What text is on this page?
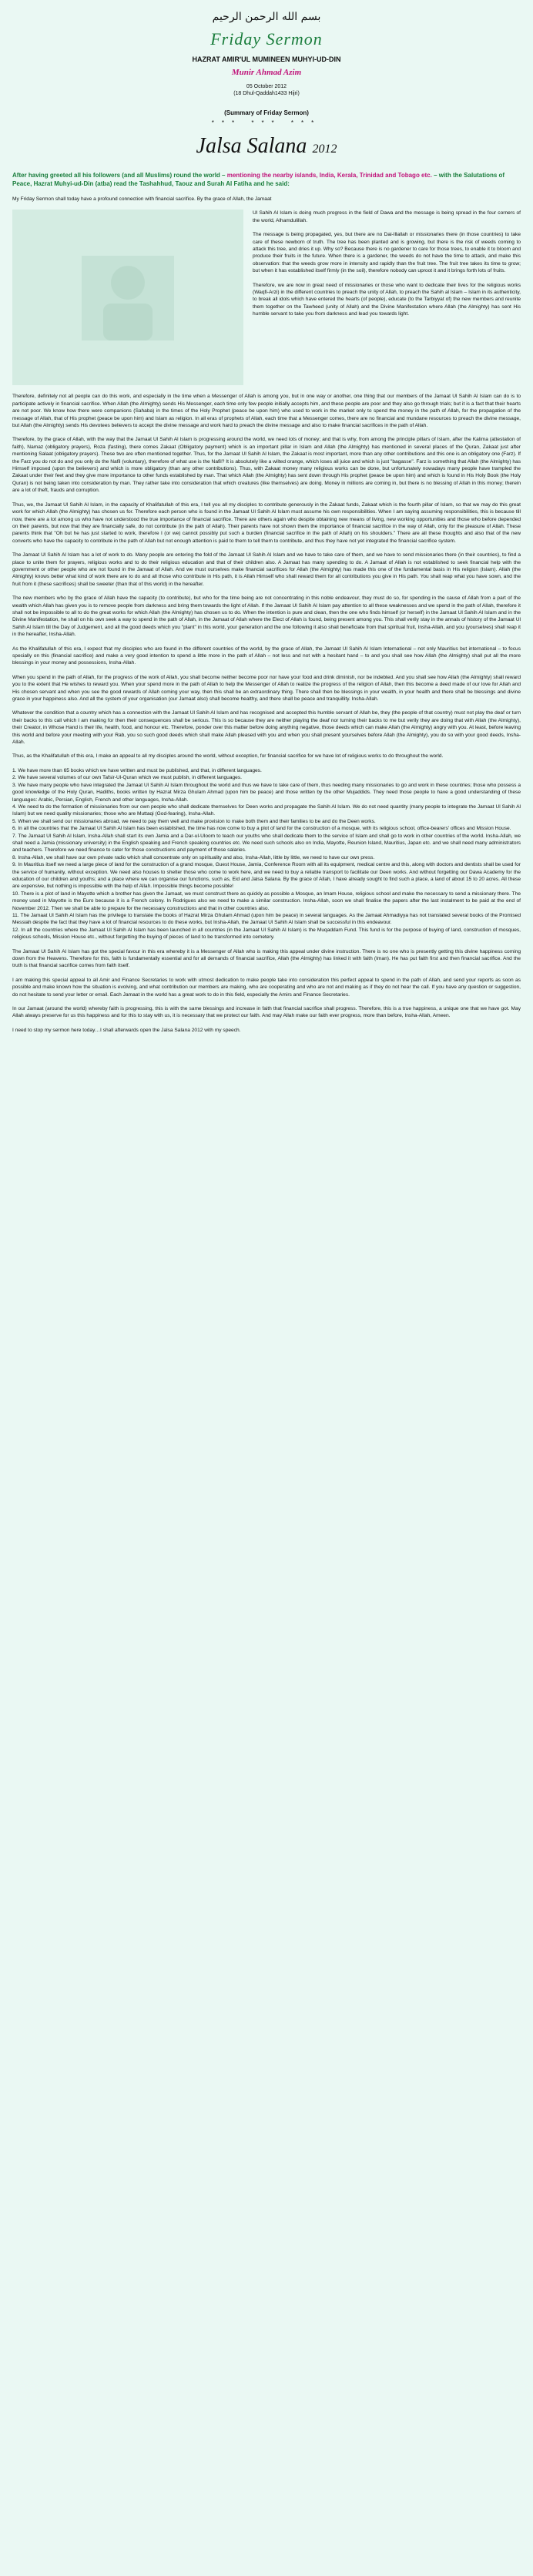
بسم الله الرحمن الرحيم
Friday Sermon
HAZRAT AMIR'UL MUMINEEN MUHYI-UD-DIN
Munir Ahmad Azim
05 October 2012
(18 Dhul-Qaddah1433 Hijri)
(Summary of Friday Sermon)
*** *** ***
Jalsa Salana 2012
After having greeted all his followers (and all Muslims) round the world – mentioning the nearby islands, India, Kerala, Trinidad and Tobago etc. – with the Salutations of Peace, Hazrat Muhyi-ud-Din (atba) read the Tashahhud, Taouz and Surah Al Fatiha and he said:

My Friday Sermon shall today have a profound connection with financial sacrifice. By the grace of Allah, the Jamaat

Ul Sahih Al Islam is doing much progress in the field of Dawa and the message is being spread in the four corners of the world, Alhamdulillah.

The message is being propagated, yes, but there are no Dai-Illallah or missionaries there (in those countries) to take care of these newborn of truth. The tree has been planted and is growing, but there is the risk of weeds coming to attack this tree, and dries it up. Why so? Because there is no gardener to care for those trees, to enable it to bloom and produce their fruits in the future. When there is a gardener, the weeds do not have the time to attack, and make this observation: that the weeds grow more in intensity and rapidly than the fruit tree. The fruit tree takes its time to grow; but when it has established itself firmly (in the soil), therefore nobody can uproot it and it brings forth lots of fruits.

Therefore, we are now in great need of missionaries or those who want to dedicate their lives for the religious works (Waqfi-Arzi) in the different countries to preach the unity of Allah, to preach the Sahih al Islam – Islam in its authenticity, to break all idols which have entered the hearts (of people), educate (to the Tarbiyyat of) the new members and reunite them together on the Tawheed (unity of Allah) and the Divine Manifestation where Allah (the Almighty) has sent His humble servant to take you from darkness and lead you towards light.

Therefore, definitely not all people can do this work, and especially in the time when a Messenger of Allah is among you, but in one way or another, one thing that our members of the Jamaat Ul Sahih Al Islam can do is to participate actively in financial sacrifice. When Allah (the Almighty) sends His Messenger, each time only few people initially accepts him, and these people are poor and they also go through trials; but it is a fact that their hearts are not poor. We know how there were companions (Sahaba) in the times of the Holy Prophet (peace be upon him) who used to work in the market only to spend the money in the path of Allah, for the propagation of the message of Allah, that of His prophet (peace be upon him) and Islam as religion. In all eras of prophets of Allah, each time that a Messenger comes, there are no financial and mundane resources to preach the divine message, but Allah (the Almighty) sends His devotees believers to accept the divine message and work hard to preach the divine message and also to make financial sacrifices in the path of Allah.

Therefore, by the grace of Allah, with the way that the Jamaat Ul Sahih Al Islam is progressing around the world, we need lots of money; and that is why, from among the principle pillars of Islam, after the Kalima (attestation of faith), Namaz (obligatory prayers), Roza (fasting), there comes Zakaat (Obligatory payment) which is an important pillar in Islam and Allah (the Almighty) has mentioned in several places of the Quran, Zakaat just after mentioning Salaat (obligatory prayers). These two are often mentioned together. Thus, for the Jamaat Ul Sahih Al Islam, the Zakaat is most important, more than any other contributions and this one is an obligatory one (Farz). If the Farz you do not do and you only do the Nafil (voluntary), therefore of what use is the Nafil? It is absolutely like a wilted orange, which loses all juice and which is just "bagasse". Farz is something that Allah (the Almighty) has Himself imposed (upon the believers) and which is more obligatory (than any other contributions). Thus, with Zakaat money many religious works can be done, but unfortunately nowadays many people have trampled the Zakaat under their feet and they give more importance to other funds established by man. That which Allah (the Almighty) has sent down through His prophet (peace be upon him) and which is found in His Holy Book (the Holy Quran) is not being taken into consideration by man. They rather take into consideration that which creatures (like themselves) are doing. Money in millions are coming in, but there is no blessing of Allah in this money; therein are a lot of theft, frauds and corruption.

Thus, we, the Jamaat Ul Sahih Al Islam, in the capacity of Khalifatullah of this era, I tell you all my disciples to contribute generously in the Zakaat funds, Zakaat which is the fourth pillar of Islam, so that we may do this great work for which Allah (the Almighty) has chosen us for. Therefore each person who is found in the Jamaat Ul Sahih Al Islam must assume his own responsibilities. When I am saying assuming responsibilities, this is because till now, there are a lot among us who have not understood the true importance of financial sacrifice. There are others again who despite obtaining new means of living, new working opportunities and those who before depended on their parents, but now that they are financially safe, do not contribute (in the path of Allah). Their parents have not shown them the importance of financial sacrifice in the way of Allah, only for the pleasure of Allah. These parents think that "Oh but he has just started to work, therefore I (or we) cannot possibly put such a burden (financial sacrifice in the path of Allah) on his shoulders." There are all these thoughts and also that of the new converts who have the capacity to contribute in the path of Allah but not enough attention is paid to them to tell them to contribute, and thus they have not yet integrated the financial sacrifice system.

The Jamaat Ul Sahih Al Islam has a lot of work to do. Many people are entering the fold of the Jamaat Ul Sahih Al Islam and we have to take care of them, and we have to send missionaries there (in their countries), to find a place to unite them for prayers, religious works and to do their religious education and that of their children also. A Jamaat has many spending to do. A Jamaat of Allah is not established to seek financial help with the government or other people who are not found in the Jamaat of Allah. And we must ourselves make financial sacrifices for Allah (the Almighty) has made this one of the fundamental basis in His religion (Islam). Allah (the Almighty) knows better what kind of work there are to do and all those who contribute in His path, it is Allah Himself who shall reward them for all contributions you give in His path. You shall reap what you have sown, and the fruit from it (these sacrifices) shall be sweeter (than that of this world) in the hereafter.

The new members who by the grace of Allah have the capacity (to contribute), but who for the time being are not concentrating in this noble endeavour, they must do so, for spending in the cause of Allah from a part of the wealth which Allah has given you is to remove people from darkness and bring them towards the light of Allah. If the Jamaat Ul Sahih Al Islam pay attention to all these weaknesses and we spend in the path of Allah, therefore it shall not be impossible to all to do the great works for which Allah (the Almighty) has chosen us to do. When the intention is pure and clean, then the one who finds himself (or herself) in the Jamaat Ul Sahih Al Islam and in the Divine Manifestation, he shall on his own seek a way to spend in the path of Allah, in the Jamaat of Allah where the Elect of Allah is found, being present among you. This shall verily stay in the annals of history of the Jamaat Ul Sahih Al Islam till the Day of Judgement, and all the good deeds which you "plant" in this world, your generation and the one following it also shall beneficiate from that spiritual fruit, Insha-Allah, and you (yourselves) shall reap it in the hereafter, Insha-Allah.

As the Khalifatullah of this era, I expect that my disciples who are found in the different countries of the world, by the grace of Allah, the Jamaat Ul Sahih Al Islam International – not only Mauritius but international – to focus specially on this (financial sacrifice) and make a very good intention to spend a little more in the path of Allah – not less and not with a hesitant hand – to and you shall see how Allah (the Almighty) shall put all the more blessings in your money and possessions, Insha-Allah.

When you spend in the path of Allah, for the progress of the work of Allah, you shall become neither become poor nor have your food and drink diminish, nor be indebted. And you shall see how Allah (the Almighty) shall reward you to the extent that He wishes to reward you. When your spend more in the path of Allah to help the Messenger of Allah to realize the progress of the religion of Allah, then this become a deed made of our love for Allah and His chosen servant and when you see the good rewards of Allah coming your way, then this shall be an extraordinary thing. There shall then be blessings in your wealth, in your health and there shall be blessings and divine grace in your happiness also. And all the system of your organisation (our Jamaat also) shall become healthy, and there shall be peace and tranquillity. Insha-Allah.

Whatever the condition that a country which has a connection with the Jamaat Ul Sahih Al Islam and has recognised and accepted this humble servant of Allah be, they (the people of that country) must not play the deaf or turn their backs to this call which I am making for then their consequences shall be serious. This is so because they are neither playing the deaf nor turning their backs to me but verily they are doing that with Allah (the Almighty), their Creator, in Whose Hand is their life, health, food, and honour etc. Therefore, ponder over this matter before doing anything negative, those deeds which can make Allah (the Almighty) angry with you. At least, before leaving this world and before your meeting with your Rab, you so such good deeds which shall make Allah pleased with you and when you shall present yourselves before Allah (the Almighty), you do so with your good deeds, Insha-Allah.

Thus, as the Khalifatullah of this era, I make an appeal to all my disciples around the world, without exception, for financial sacrifice for we have lot of religious works to do throughout the world.

1. We have more than 65 books which we have written and must be published, and that, in different languages.
2. We have several volumes of our own Tafsir-Ul-Quran which we must publish, in different languages.
3. We have many people who have integrated the Jamaat Ul Sahih Al Islam throughout the world and thus we have to take care of them, thus needing many missionaries to go and work in these countries; those who possess a good knowledge of the Holy Quran, Hadiths, books written by Hazrat Mirza Ghulam Ahmad (upon him be peace) and those written by the other Mujaddids. They need those people to have a good understanding of these languages: Arabic, Persian, English, French and other languages, Insha-Allah.
4. We need to do the formation of missionaries from our own people who shall dedicate themselves for Deen works and propagate the Sahih Al Islam. We do not need quantity (many people to integrate the Jamaat Ul Sahih Al Islam) but we need quality missionaries; those who are Muttaqi (God-fearing), Insha-Allah.
5. When we shall send our missionaries abroad, we need to pay them well and make provision to make both them and their families to be and do the Deen works.
6. In all the countries that the Jamaat Ul Sahih Al Islam has been established, the time has now come to buy a plot of land for the construction of a mosque, with its religious school, office-bearers' offices and Mission House.
7. The Jamaat Ul Sahih Al Islam, Insha-Allah shall start its own Jamia and a Dar-ul-Uloom to teach our youths who shall dedicate them to the service of Islam and shall go to work in other countries of the world. Insha-Allah, we shall need a Jamia (missionary university) in the English speaking and French speaking countries etc. We need such schools also on India, Mayotte, Reunion Island, Mauritius, Japan etc. and we shall need many administrators and teachers. Therefore we need finance to cater for those constructions and payment of those salaries.
8. Insha-Allah, we shall have our own private radio which shall concentrate only on spirituality and also, Insha-Allah, little by little, we need to have our own press.
9. In Mauritius itself we need a large piece of land for the construction of a grand mosque, Guest House, Jamia, Conference Room with all its equipment, medical centre and this, along with doctors and dentists shall be used for the service of humanity, without exception. We need also houses to shelter those who come to work here, and we need to buy a reliable transport to facilitate our Deen works. And without forgetting our Dawa Academy for the education of our children and youths; and a place where we can organise our functions, such as, Eid and Jalsa Salana. By the grace of Allah, I have already sought to find such a place, a land of about 15 to 20 acres. All these are expensive, but nothing is impossible with the help of Allah. Impossible things become possible!
10. There is a plot of land in Mayotte which a brother has given the Jamaat, we must construct there as quickly as possible a Mosque, an Imam House, religious school and make the necessary to send a missionary there. The money used in Mayotte is the Euro because it is a French colony. In Rodrigues also we need to make a similar construction. Insha-Allah, soon we shall finalise the papers after the last instalment to be paid at the end of November 2012. Then we shall be able to prepare for the necessary constructions and that in other countries also.
11. The Jamaat Ul Sahih Al Islam has the privilege to translate the books of Hazrat Mirza Ghulam Ahmad (upon him be peace) in several languages. As the Jamaat Ahmadiyya has not translated several books of the Promised Messiah despite the fact that they have a lot of financial resources to do these works, but Insha-Allah, the Jamaat Ul Sahih Al Islam shall be successful in this endeavour.
12. In all the countries where the Jamaat Ul Sahih Al Islam has been launched in all countries (in the Jamaat Ul Sahih Al Islam) is the Muqaddam Fund. This fund is for the purpose of buying of land, construction of mosques, religious schools, Mission House etc., without forgetting the buying of pieces of land to be transformed into cemetery.

The Jamaat Ul Sahih Al Islam has got the special favour in this era whereby it is a Messenger of Allah who is making this appeal under divine instruction. There is no one who is presently getting this divine happiness coming down from the Heavens. Therefore for this, faith is fundamentally essential and for all demands of financial sacrifice, Allah (the Almighty) has linked it with faith (Iman). He has put faith first and then financial sacrifice. And the truth is that financial sacrifice comes from faith itself.

I am making this special appeal to all Amir and Finance Secretaries to work with utmost dedication to make people take into consideration this perfect appeal to spend in the path of Allah, and send your reports as soon as possible and make known how the situation is evolving, and what contribution our members are making, who are cooperating and who are not and making as if they do not hear the call. If you have any question or suggestion, do not hesitate to send your letter or email. Each Jamaat in the world has a great work to do in this field, especially the Amirs and Finance Secretaries.

In our Jamaat (around the world) whereby faith is progressing, this is with the same blessings and increase in faith that financial sacrifice shall progress. Therefore, this is a true happiness, a unique one that we have got. May Allah always preserve for us this happiness and for this to stay with us, it is necessary that we protect our faith. And may Allah make our faith ever progress, more than before, Insha-Allah, Ameen.

I need to stop my sermon here today…I shall afterwards open the Jalsa Salana 2012 with my speech.
